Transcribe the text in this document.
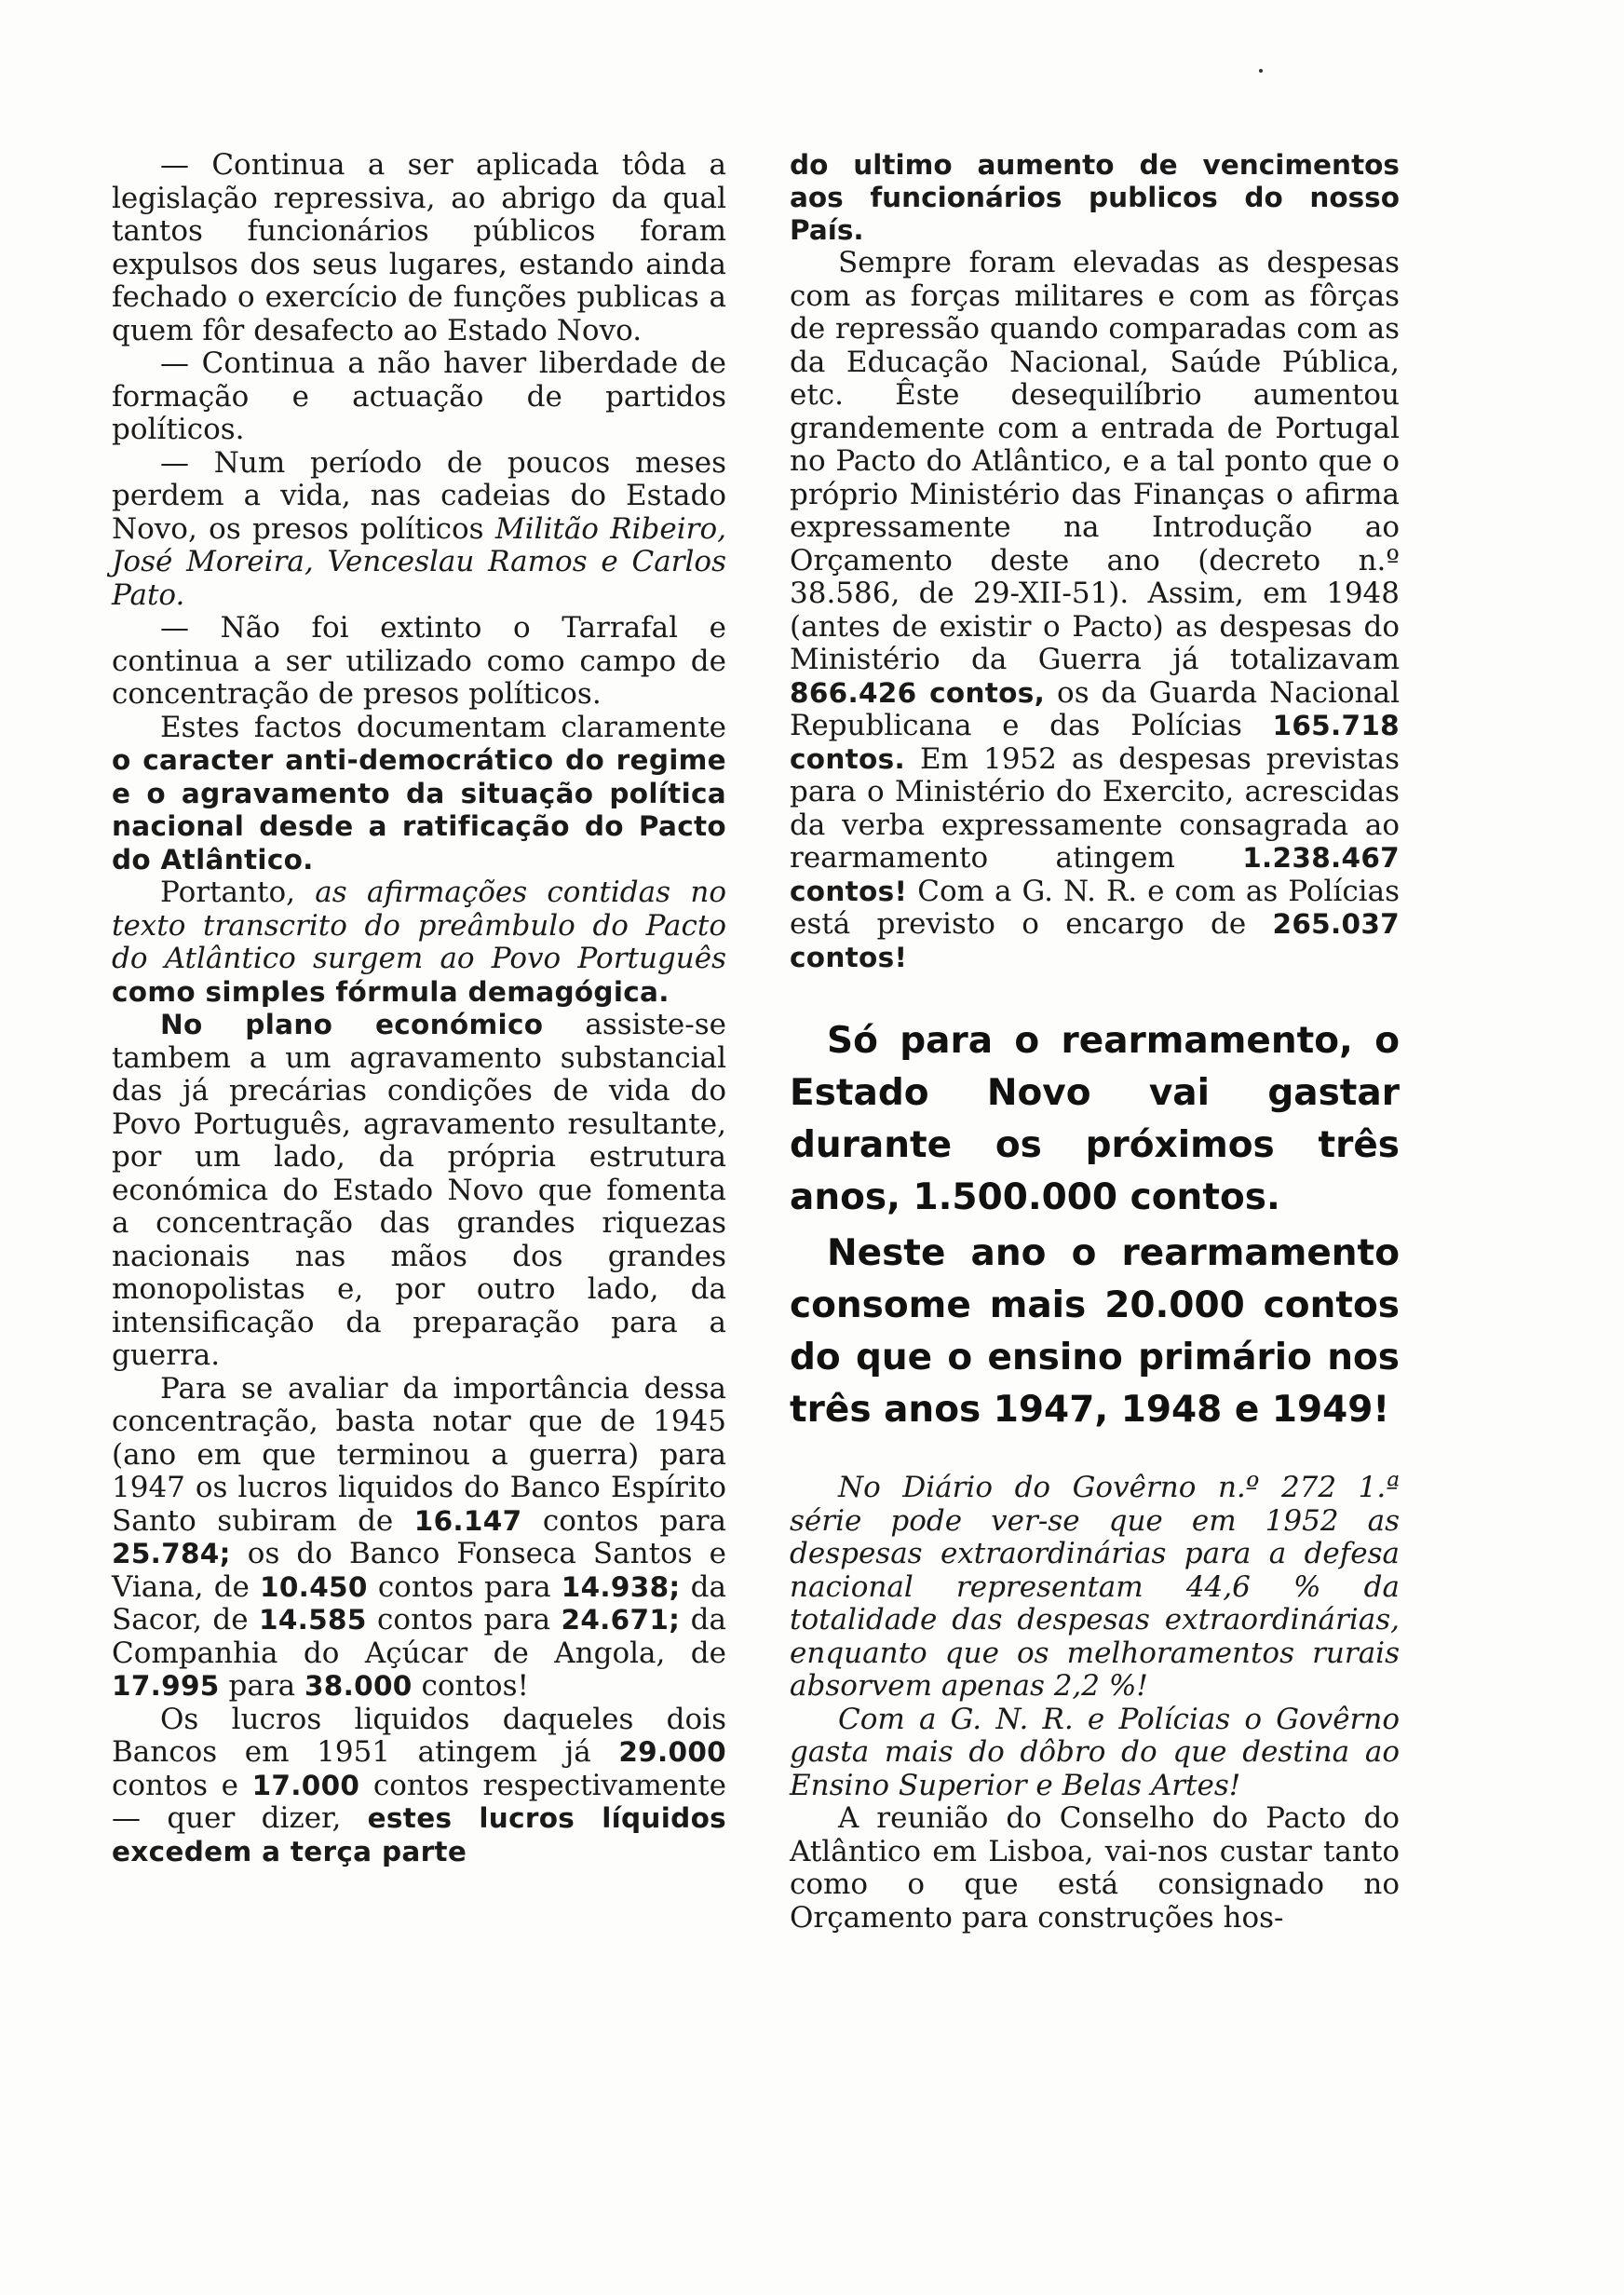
— Continua a ser aplicada tôda a legislação repressiva, ao abrigo da qual tantos funcionários públicos foram expulsos dos seus lugares, estando ainda fechado o exercício de funções publicas a quem fôr desafecto ao Estado Novo.

— Continua a não haver liberdade de formação e actuação de partidos políticos.

— Num período de poucos meses perdem a vida, nas cadeias do Estado Novo, os presos políticos Militão Ribeiro, José Moreira, Venceslau Ramos e Carlos Pato.

— Não foi extinto o Tarrafal e continua a ser utilizado como campo de concentração de presos políticos.

Estes factos documentam claramente o caracter anti-democrático do regime e o agravamento da situação política nacional desde a ratificação do Pacto do Atlântico.

Portanto, as afirmações contidas no texto transcrito do preâmbulo do Pacto do Atlântico surgem ao Povo Português como simples fórmula demagógica.

No plano económico assiste-se tambem a um agravamento substancial das já precárias condições de vida do Povo Português, agravamento resultante, por um lado, da própria estrutura económica do Estado Novo que fomenta a concentração das grandes riquezas nacionais nas mãos dos grandes monopolistas e, por outro lado, da intensificação da preparação para a guerra.

Para se avaliar da importância dessa concentração, basta notar que de 1945 (ano em que terminou a guerra) para 1947 os lucros liquidos do Banco Espírito Santo subiram de 16.147 contos para 25.784; os do Banco Fonseca Santos e Viana, de 10.450 contos para 14.938; da Sacor, de 14.585 contos para 24.671; da Companhia do Açúcar de Angola, de 17.995 para 38.000 contos!

Os lucros liquidos daqueles dois Bancos em 1951 atingem já 29.000 contos e 17.000 contos respectivamente — quer dizer, estes lucros líquidos excedem a terça parte

do ultimo aumento de vencimentos aos funcionários publicos do nosso País.

Sempre foram elevadas as despesas com as forças militares e com as fôrças de repressão quando comparadas com as da Educação Nacional, Saúde Pública, etc. Êste desequilíbrio aumentou grandemente com a entrada de Portugal no Pacto do Atlântico, e a tal ponto que o próprio Ministério das Finanças o afirma expressamente na Introdução ao Orçamento deste ano (decreto n.º 38.586, de 29-XII-51). Assim, em 1948 (antes de existir o Pacto) as despesas do Ministério da Guerra já totalizavam 866.426 contos, os da Guarda Nacional Republicana e das Polícias 165.718 contos. Em 1952 as despesas previstas para o Ministério do Exercito, acrescidas da verba expressamente consagrada ao rearmamento atingem 1.238.467 contos! Com a G. N. R. e com as Polícias está previsto o encargo de 265.037 contos!

Só para o rearmamento, o Estado Novo vai gastar durante os próximos três anos, 1.500.000 contos.
Neste ano o rearmamento consome mais 20.000 contos do que o ensino primário nos três anos 1947, 1948 e 1949!

No Diário do Govêrno n.º 272 1.ª série pode ver-se que em 1952 as despesas extraordinárias para a defesa nacional representam 44,6 % da totalidade das despesas extraordinárias, enquanto que os melhoramentos rurais absorvem apenas 2,2 %!

Com a G. N. R. e Polícias o Govêrno gasta mais do dôbro do que destina ao Ensino Superior e Belas Artes!

A reunião do Conselho do Pacto do Atlântico em Lisboa, vai-nos custar tanto como o que está consignado no Orçamento para construções hos-
